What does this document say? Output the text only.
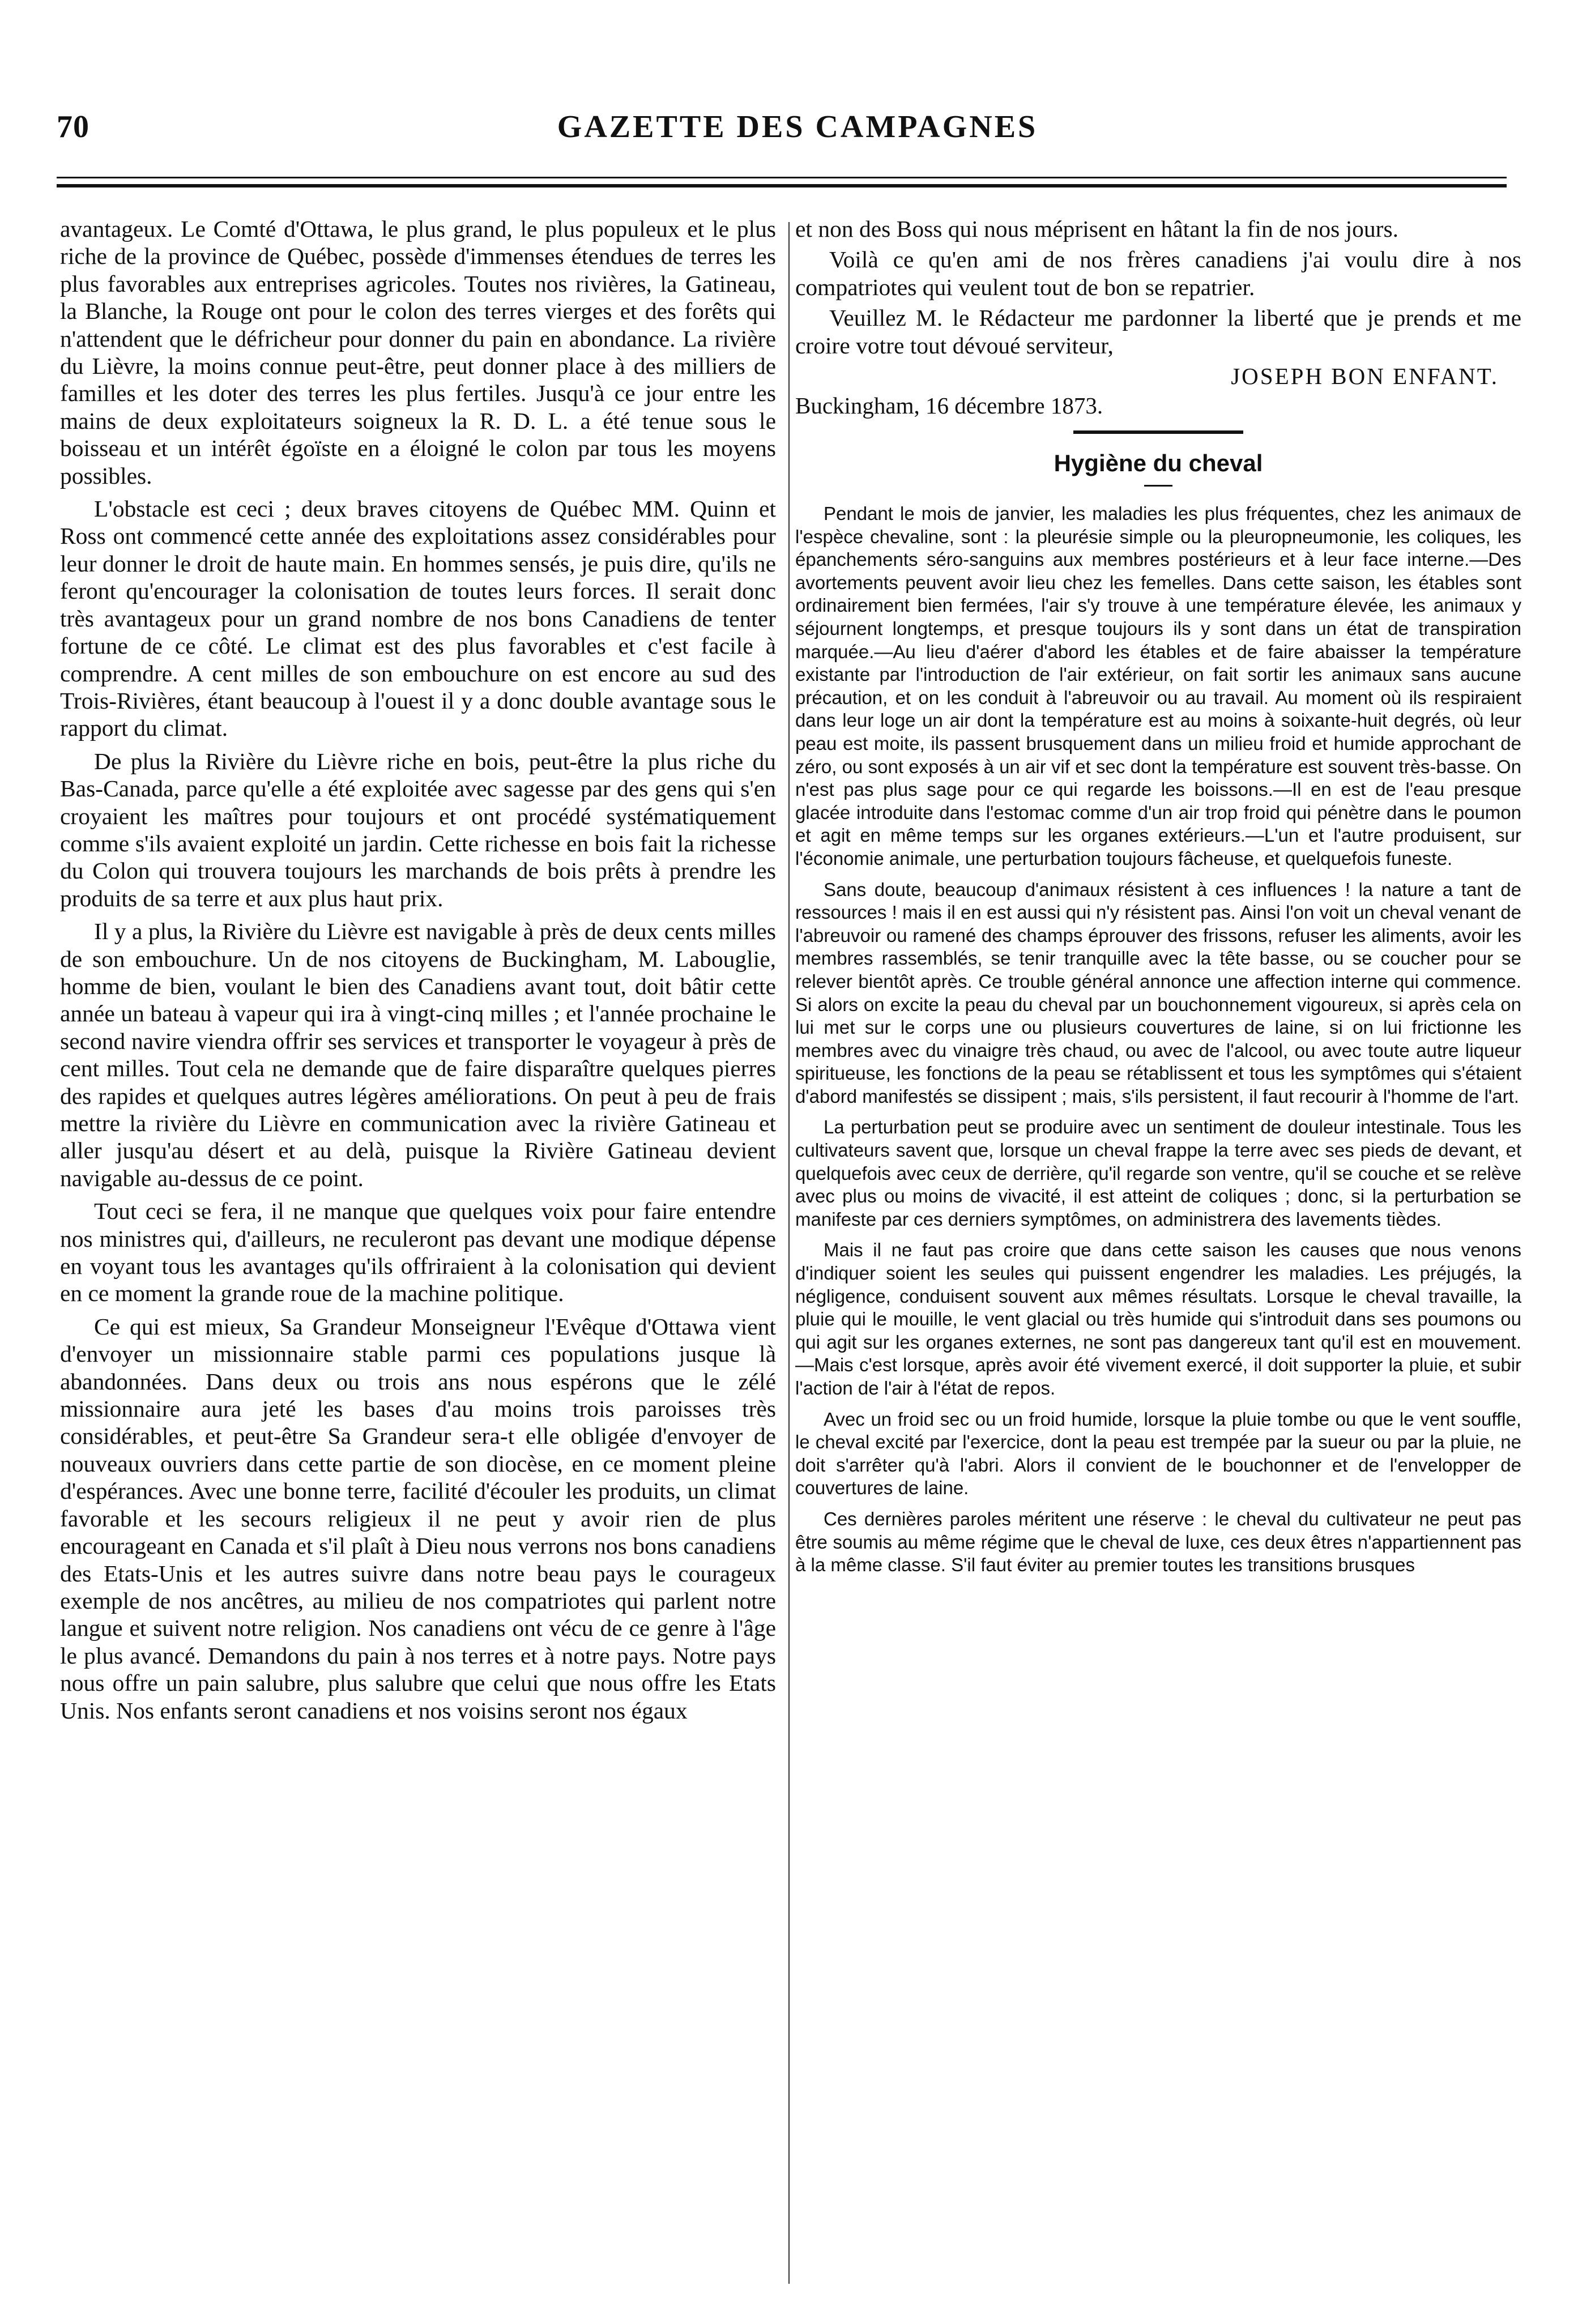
70	GAZETTE DES CAMPAGNES

avantageux. Le Comté d'Ottawa, le plus grand, le plus populeux et le plus riche de la province de Québec, possède d'immenses étendues de terres les plus favorables aux entreprises agricoles. Toutes nos rivières, la Gatineau, la Blanche, la Rouge ont pour le colon des terres vierges et des forêts qui n'attendent que le défricheur pour donner du pain en abondance. La rivière du Lièvre, la moins connue peut-être, peut donner place à des milliers de familles et les doter des terres les plus fertiles. Jusqu'à ce jour entre les mains de deux exploitateurs soigneux la R. D. L. a été tenue sous le boisseau et un intérêt égoïste en a éloigné le colon par tous les moyens possibles.

L'obstacle est ceci ; deux braves citoyens de Québec MM. Quinn et Ross ont commencé cette année des exploitations assez considérables pour leur donner le droit de haute main. En hommes sensés, je puis dire, qu'ils ne feront qu'encourager la colonisation de toutes leurs forces. Il serait donc très avantageux pour un grand nombre de nos bons Canadiens de tenter fortune de ce côté. Le climat est des plus favorables et c'est facile à comprendre. A cent milles de son embouchure on est encore au sud des Trois-Rivières, étant beaucoup à l'ouest il y a donc double avantage sous le rapport du climat.

De plus la Rivière du Lièvre riche en bois, peut-être la plus riche du Bas-Canada, parce qu'elle a été exploitée avec sagesse par des gens qui s'en croyaient les maîtres pour toujours et ont procédé systématiquement comme s'ils avaient exploité un jardin. Cette richesse en bois fait la richesse du Colon qui trouvera toujours les marchands de bois prêts à prendre les produits de sa terre et aux plus haut prix.

Il y a plus, la Rivière du Lièvre est navigable à près de deux cents milles de son embouchure. Un de nos citoyens de Buckingham, M. Labouglie, homme de bien, voulant le bien des Canadiens avant tout, doit bâtir cette année un bateau à vapeur qui ira à vingt-cinq milles ; et l'année prochaine le second navire viendra offrir ses services et transporter le voyageur à près de cent milles. Tout cela ne demande que de faire disparaître quelques pierres des rapides et quelques autres légères améliorations. On peut à peu de frais mettre la rivière du Lièvre en communication avec la rivière Gatineau et aller jusqu'au désert et au delà, puisque la Rivière Gatineau devient navigable au-dessus de ce point.

Tout ceci se fera, il ne manque que quelques voix pour faire entendre nos ministres qui, d'ailleurs, ne reculeront pas devant une modique dépense en voyant tous les avantages qu'ils offriraient à la colonisation qui devient en ce moment la grande roue de la machine politique.

Ce qui est mieux, Sa Grandeur Monseigneur l'Evêque d'Ottawa vient d'envoyer un missionnaire stable parmi ces populations jusque là abandonnées. Dans deux ou trois ans nous espérons que le zélé missionnaire aura jeté les bases d'au moins trois paroisses très considérables, et peut-être Sa Grandeur sera-t elle obligée d'envoyer de nouveaux ouvriers dans cette partie de son diocèse, en ce moment pleine d'espérances. Avec une bonne terre, facilité d'écouler les produits, un climat favorable et les secours religieux il ne peut y avoir rien de plus encourageant en Canada et s'il plaît à Dieu nous verrons nos bons canadiens des Etats-Unis et les autres suivre dans notre beau pays le courageux exemple de nos ancêtres, au milieu de nos compatriotes qui parlent notre langue et suivent notre religion. Nos canadiens ont vécu de ce genre à l'âge le plus avancé. Demandons du pain à nos terres et à notre pays. Notre pays nous offre un pain salubre, plus salubre que celui que nous offre les Etats Unis. Nos enfants seront canadiens et nos voisins seront nos égaux

et non des Boss qui nous méprisent en hâtant la fin de nos jours.

Voilà ce qu'en ami de nos frères canadiens j'ai voulu dire à nos compatriotes qui veulent tout de bon se repatrier.

Veuillez M. le Rédacteur me pardonner la liberté que je prends et me croire votre tout dévoué serviteur,

JOSEPH BON ENFANT.
Buckingham, 16 décembre 1873.
Hygiène du cheval

Pendant le mois de janvier, les maladies les plus fréquentes, chez les animaux de l'espèce chevaline, sont : la pleurésie simple ou la pleuropneumonie, les coliques, les épanchements séro-sanguins aux membres postérieurs et à leur face interne.—Des avortements peuvent avoir lieu chez les femelles. Dans cette saison, les étables sont ordinairement bien fermées, l'air s'y trouve à une température élevée, les animaux y séjournent longtemps, et presque toujours ils y sont dans un état de transpiration marquée.—Au lieu d'aérer d'abord les étables et de faire abaisser la température existante par l'introduction de l'air extérieur, on fait sortir les animaux sans aucune précaution, et on les conduit à l'abreuvoir ou au travail. Au moment où ils respiraient dans leur loge un air dont la température est au moins à soixante-huit degrés, où leur peau est moite, ils passent brusquement dans un milieu froid et humide approchant de zéro, ou sont exposés à un air vif et sec dont la température est souvent très-basse. On n'est pas plus sage pour ce qui regarde les boissons.—Il en est de l'eau presque glacée introduite dans l'estomac comme d'un air trop froid qui pénètre dans le poumon et agit en même temps sur les organes extérieurs.—L'un et l'autre produisent, sur l'économie animale, une perturbation toujours fâcheuse, et quelquefois funeste.

Sans doute, beaucoup d'animaux résistent à ces influences ! la nature a tant de ressources ! mais il en est aussi qui n'y résistent pas. Ainsi l'on voit un cheval venant de l'abreuvoir ou ramené des champs éprouver des frissons, refuser les aliments, avoir les membres rassemblés, se tenir tranquille avec la tête basse, ou se coucher pour se relever bientôt après. Ce trouble général annonce une affection interne qui commence. Si alors on excite la peau du cheval par un bouchonnement vigoureux, si après cela on lui met sur le corps une ou plusieurs couvertures de laine, si on lui frictionne les membres avec du vinaigre très chaud, ou avec de l'alcool, ou avec toute autre liqueur spiritueuse, les fonctions de la peau se rétablissent et tous les symptômes qui s'étaient d'abord manifestés se dissipent ; mais, s'ils persistent, il faut recourir à l'homme de l'art.

La perturbation peut se produire avec un sentiment de douleur intestinale. Tous les cultivateurs savent que, lorsque un cheval frappe la terre avec ses pieds de devant, et quelquefois avec ceux de derrière, qu'il regarde son ventre, qu'il se couche et se relève avec plus ou moins de vivacité, il est atteint de coliques ; donc, si la perturbation se manifeste par ces derniers symptômes, on administrera des lavements tièdes.

Mais il ne faut pas croire que dans cette saison les causes que nous venons d'indiquer soient les seules qui puissent engendrer les maladies. Les préjugés, la négligence, conduisent souvent aux mêmes résultats. Lorsque le cheval travaille, la pluie qui le mouille, le vent glacial ou très humide qui s'introduit dans ses poumons ou qui agit sur les organes externes, ne sont pas dangereux tant qu'il est en mouvement.—Mais c'est lorsque, après avoir été vivement exercé, il doit supporter la pluie, et subir l'action de l'air à l'état de repos.

Avec un froid sec ou un froid humide, lorsque la pluie tombe ou que le vent souffle, le cheval excité par l'exercice, dont la peau est trempée par la sueur ou par la pluie, ne doit s'arrêter qu'à l'abri. Alors il convient de le bouchonner et de l'envelopper de couvertures de laine.

Ces dernières paroles méritent une réserve : le cheval du cultivateur ne peut pas être soumis au même régime que le cheval de luxe, ces deux êtres n'appartiennent pas à la même classe. S'il faut éviter au premier toutes les transitions brusques
